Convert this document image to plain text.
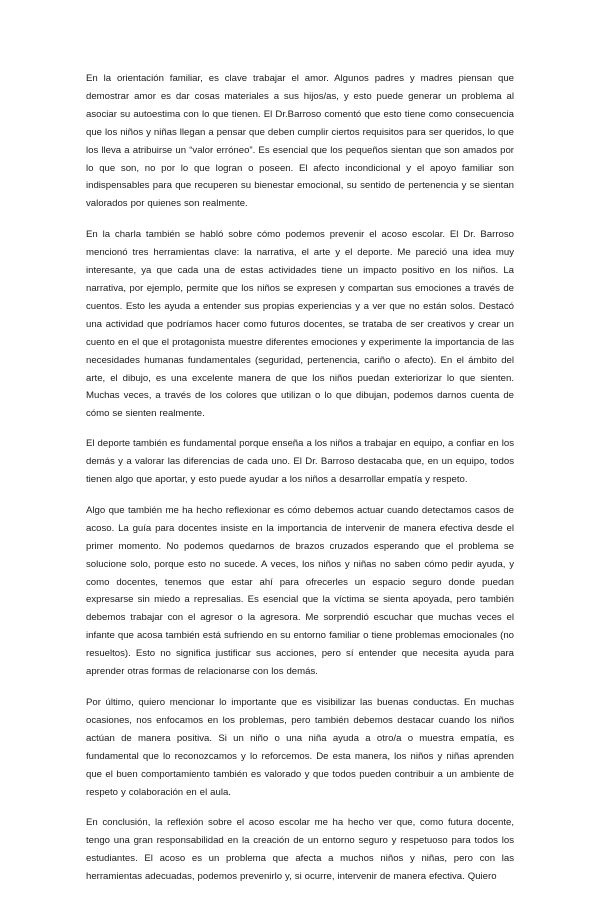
En la orientación familiar, es clave trabajar el amor. Algunos padres y madres piensan que demostrar amor es dar cosas materiales a sus hijos/as, y esto puede generar un problema al asociar su autoestima con lo que tienen. El Dr.Barroso comentó que esto tiene como consecuencia que los niños y niñas llegan a pensar que deben cumplir ciertos requisitos para ser queridos, lo que los lleva a atribuirse un “valor erróneo”. Es esencial que los pequeños sientan que son amados por lo que son, no por lo que logran o poseen. El afecto incondicional y el apoyo familiar son indispensables para que recuperen su bienestar emocional, su sentido de pertenencia y se sientan valorados por quienes son realmente.

En la charla también se habló sobre cómo podemos prevenir el acoso escolar. El Dr. Barroso mencionó tres herramientas clave: la narrativa, el arte y el deporte. Me pareció una idea muy interesante, ya que cada una de estas actividades tiene un impacto positivo en los niños. La narrativa, por ejemplo, permite que los niños se expresen y compartan sus emociones a través de cuentos. Esto les ayuda a entender sus propias experiencias y a ver que no están solos. Destacó una actividad que podríamos hacer como futuros docentes, se trataba de ser creativos y crear un cuento en el que el protagonista muestre diferentes emociones y experimente la importancia de las necesidades humanas fundamentales (seguridad, pertenencia, cariño o afecto). En el ámbito del arte, el dibujo, es una excelente manera de que los niños puedan exteriorizar lo que sienten. Muchas veces, a través de los colores que utilizan o lo que dibujan, podemos darnos cuenta de cómo se sienten realmente.

El deporte también es fundamental porque enseña a los niños a trabajar en equipo, a confiar en los demás y a valorar las diferencias de cada uno. El Dr. Barroso destacaba que, en un equipo, todos tienen algo que aportar, y esto puede ayudar a los niños a desarrollar empatía y respeto.

Algo que también me ha hecho reflexionar es cómo debemos actuar cuando detectamos casos de acoso. La guía para docentes insiste en la importancia de intervenir de manera efectiva desde el primer momento. No podemos quedarnos de brazos cruzados esperando que el problema se solucione solo, porque esto no sucede. A veces, los niños y niñas no saben cómo pedir ayuda, y como docentes, tenemos que estar ahí para ofrecerles un espacio seguro donde puedan expresarse sin miedo a represalias. Es esencial que la víctima se sienta apoyada, pero también debemos trabajar con el agresor o la agresora. Me sorprendió escuchar que muchas veces el infante que acosa también está sufriendo en su entorno familiar o tiene problemas emocionales (no resueltos). Esto no significa justificar sus acciones, pero sí entender que necesita ayuda para aprender otras formas de relacionarse con los demás.

Por último, quiero mencionar lo importante que es visibilizar las buenas conductas. En muchas ocasiones, nos enfocamos en los problemas, pero también debemos destacar cuando los niños actúan de manera positiva. Si un niño o una niña ayuda a otro/a o muestra empatía, es fundamental que lo reconozcamos y lo reforcemos. De esta manera, los niños y niñas aprenden que el buen comportamiento también es valorado y que todos pueden contribuir a un ambiente de respeto y colaboración en el aula.

En conclusión, la reflexión sobre el acoso escolar me ha hecho ver que, como futura docente, tengo una gran responsabilidad en la creación de un entorno seguro y respetuoso para todos los estudiantes. El acoso es un problema que afecta a muchos niños y niñas, pero con las herramientas adecuadas, podemos prevenirlo y, si ocurre, intervenir de manera efectiva. Quiero
